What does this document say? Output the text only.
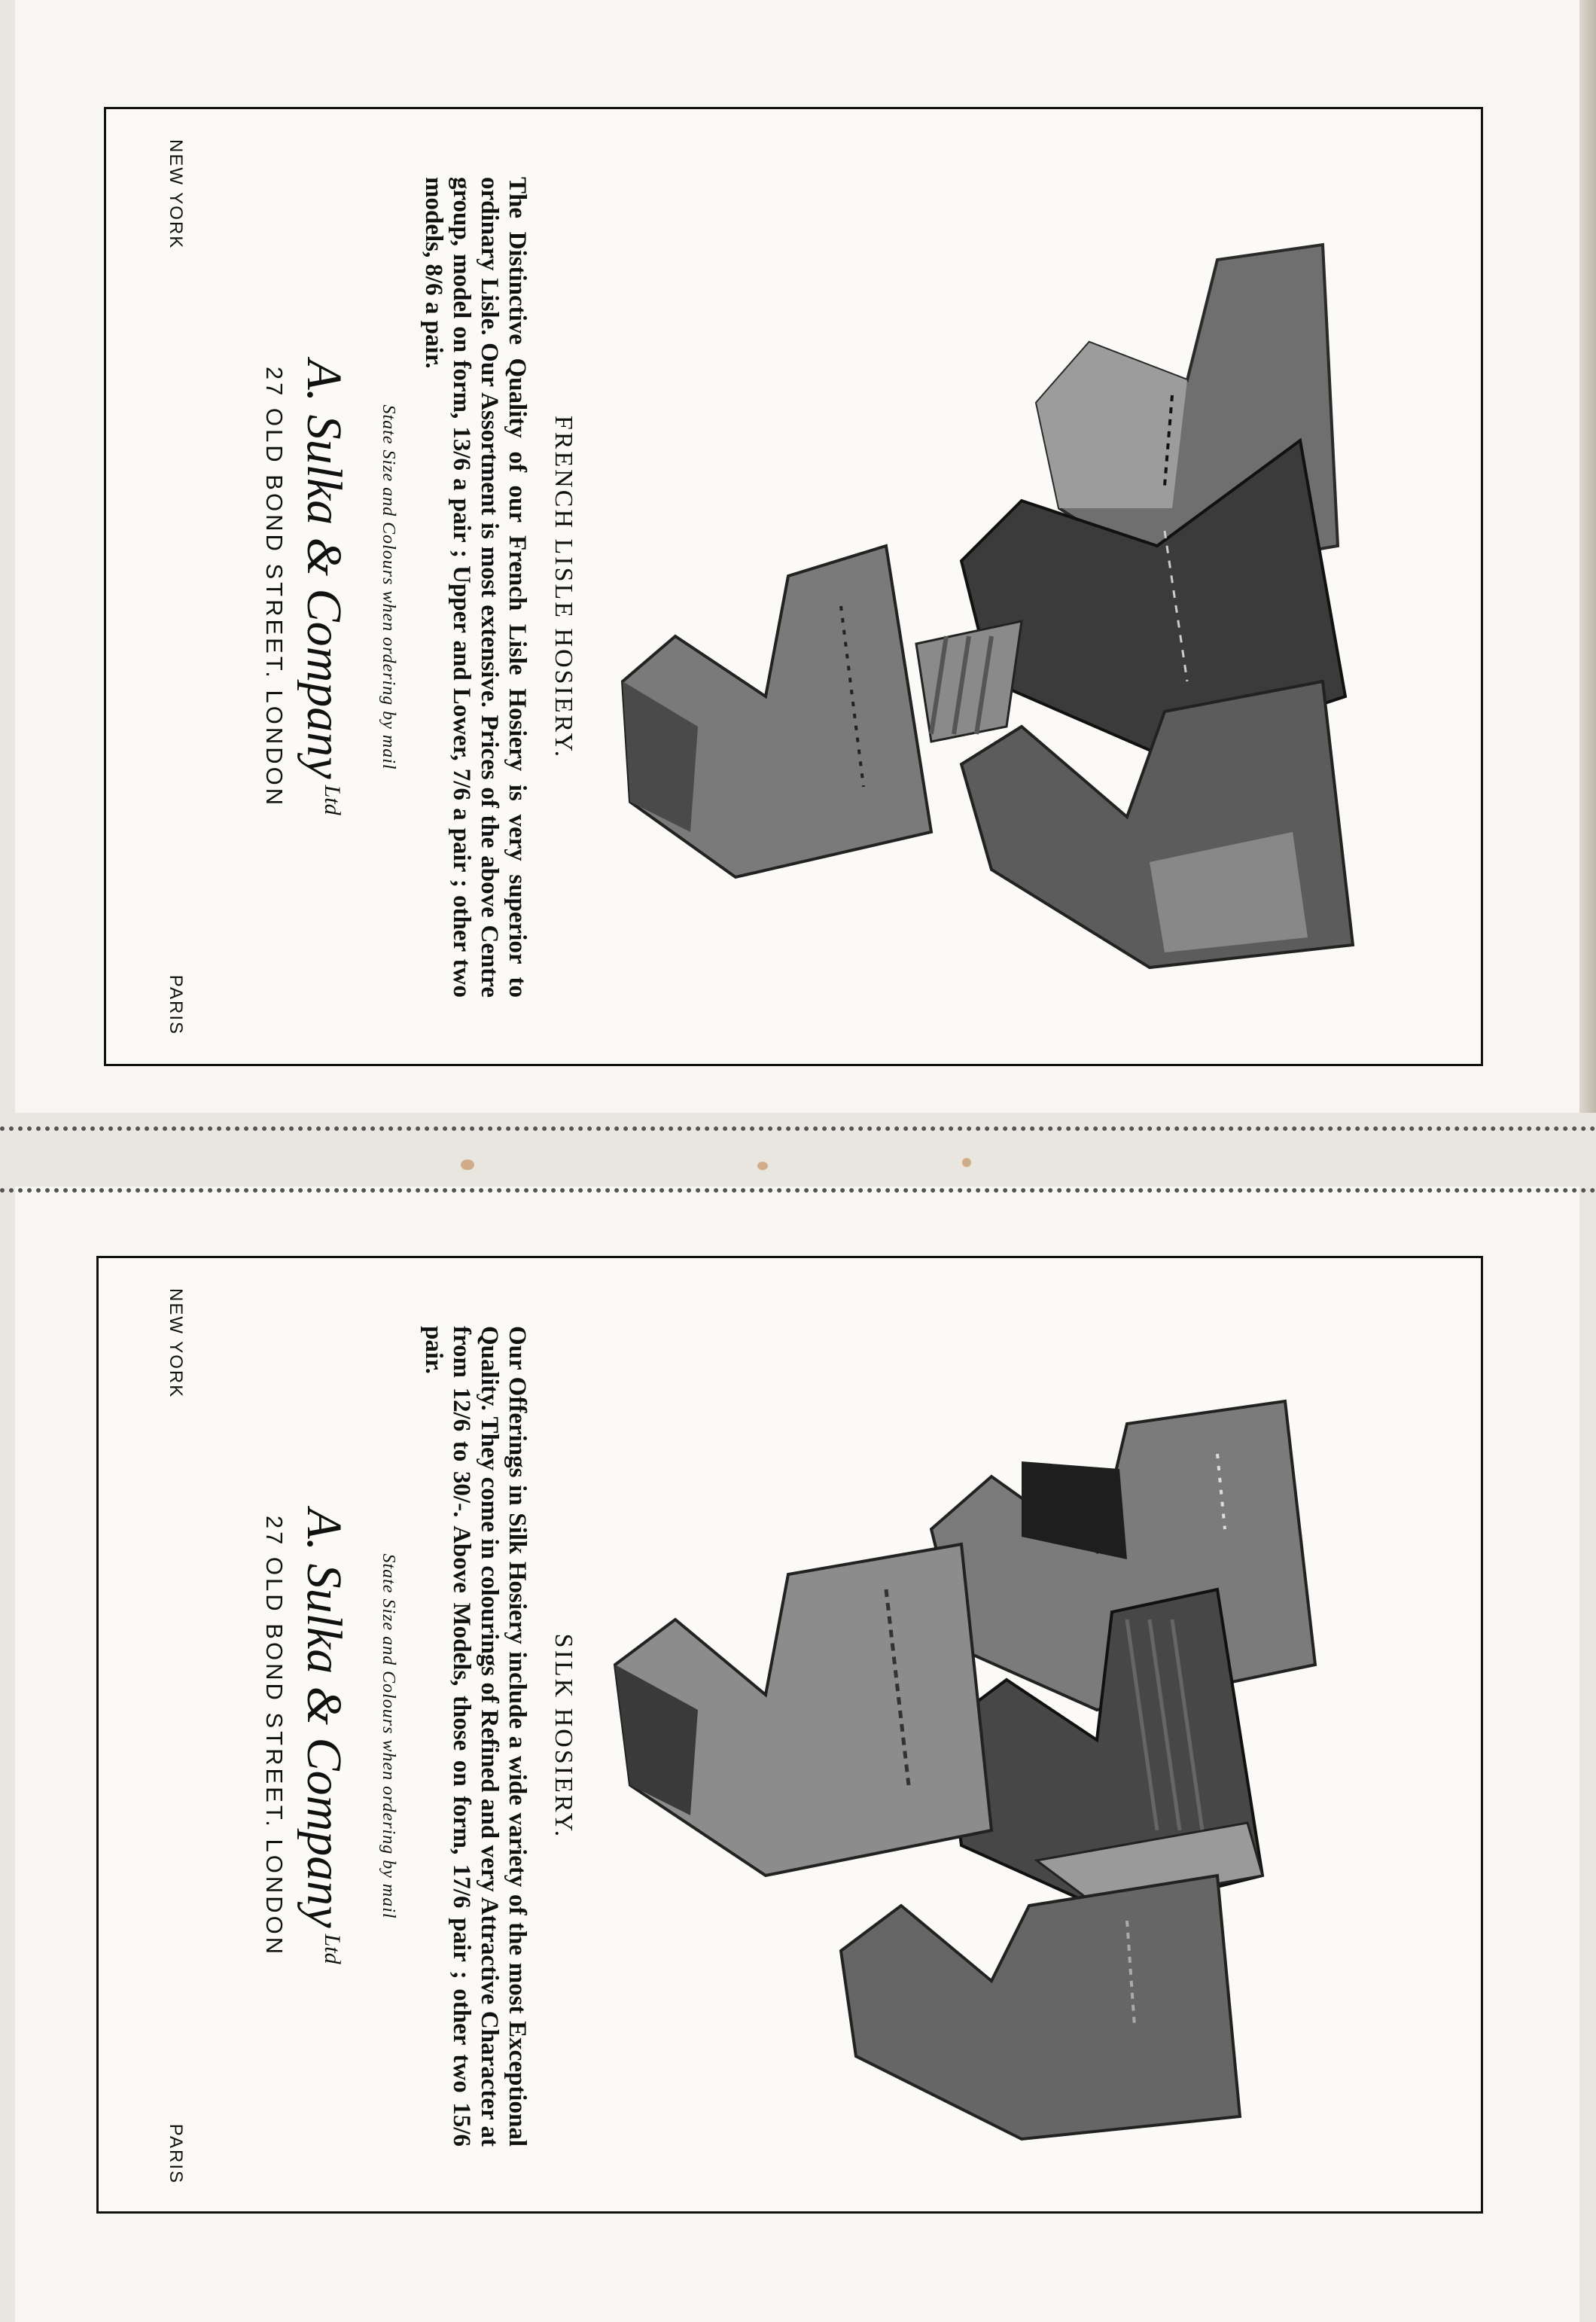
FRENCH LISLE HOSIERY.

The Distinctive Quality of our French Lisle Hosiery is very superior to ordinary Lisle. Our Assortment is most extensive. Prices of the above Centre group, model on form, 13/6 a pair ; Upper and Lower, 7/6 a pair ; other two models, 8/6 a pair.

State Size and Colours when ordering by mail
A. Sulka & Company$^{Ltd}$
27 OLD BOND STREET. LONDON
NEW YORK
PARIS
SILK HOSIERY.

Our Offerings in Silk Hosiery include a wide variety of the most Exceptional Quality. They come in colourings of Refined and very Attractive Character at from 12/6 to 30/-. Above Models, those on form, 17/6 pair ; other two 15/6 pair.

State Size and Colours when ordering by mail
A. Sulka & Company$^{Ltd}$
27 OLD BOND STREET. LONDON
NEW YORK
PARIS
